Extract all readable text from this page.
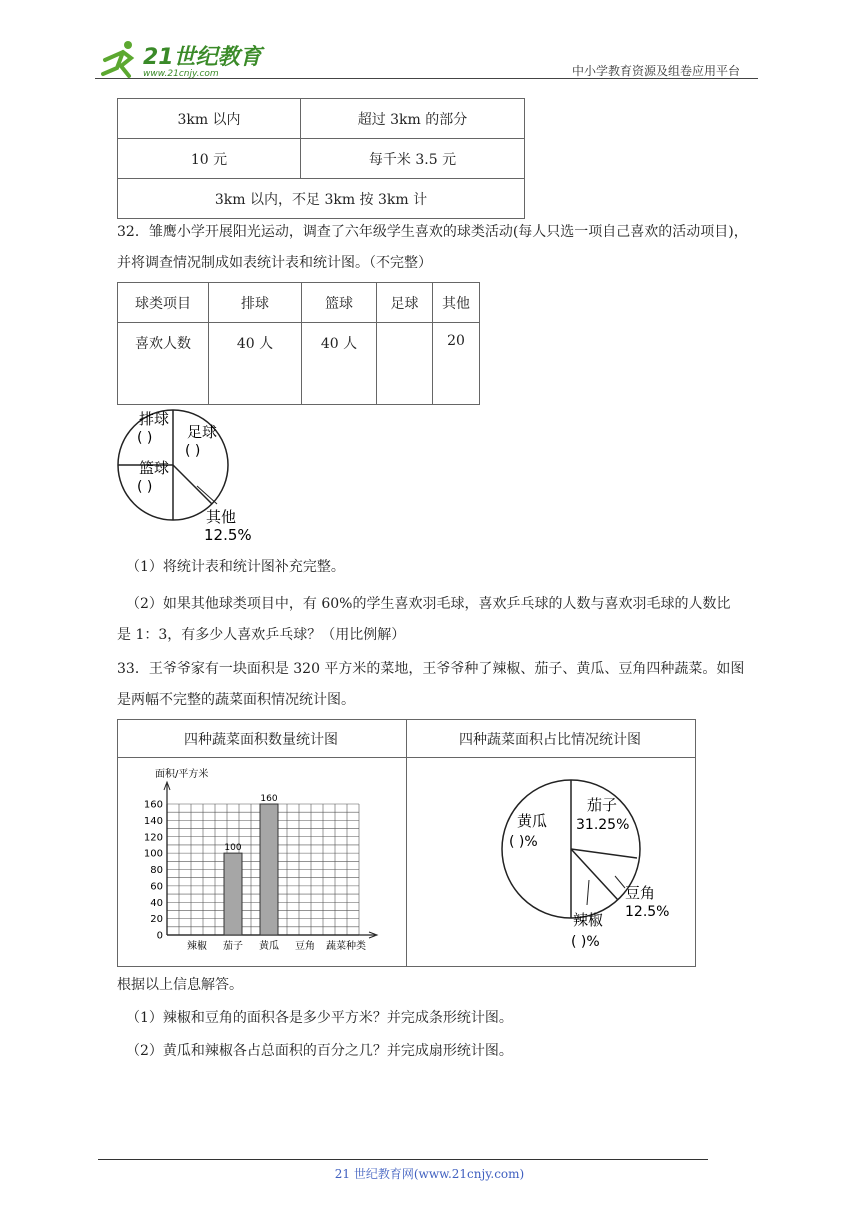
21世纪教育
www.21cnjy.com	中小学教育资源及组卷应用平台
3km 以内	超过 3km 的部分
10 元	每千米 3.5 元
3km 以内，不足 3km 按 3km 计	
32．雏鹰小学开展阳光运动，调查了六年级学生喜欢的球类活动(每人只选一项自己喜欢的活动项目)，
并将调查情况制成如表统计表和统计图。（不完整）
球类项目	排球	篮球	足球	其他
喜欢人数	40 人	40 人		20
排球
( ) 足球
( )
篮球
( )
其他
12.5%
（1）将统计表和统计图补充完整。
（2）如果其他球类项目中，有 60%的学生喜欢羽毛球，喜欢乒乓球的人数与喜欢羽毛球的人数比
是 1：3，有多少人喜欢乒乓球？（用比例解）
33．王爷爷家有一块面积是 320 平方米的菜地，王爷爷种了辣椒、茄子、黄瓜、豆角四种蔬菜。如图
是两幅不完整的蔬菜面积情况统计图。
四种蔬菜面积数量统计图	四种蔬菜面积占比情况统计图
面积/平方米
0
20
40
60
80
100
120
140
160
100
160
辣椒 茄子 黄瓜 豆角 蔬菜种类
茄子
31.25%
黄瓜
( )%
豆角
12.5%
辣椒
( )%
根据以上信息解答。
（1）辣椒和豆角的面积各是多少平方米？并完成条形统计图。
（2）黄瓜和辣椒各占总面积的百分之几？并完成扇形统计图。
21 世纪教育网(www.21cnjy.com)
